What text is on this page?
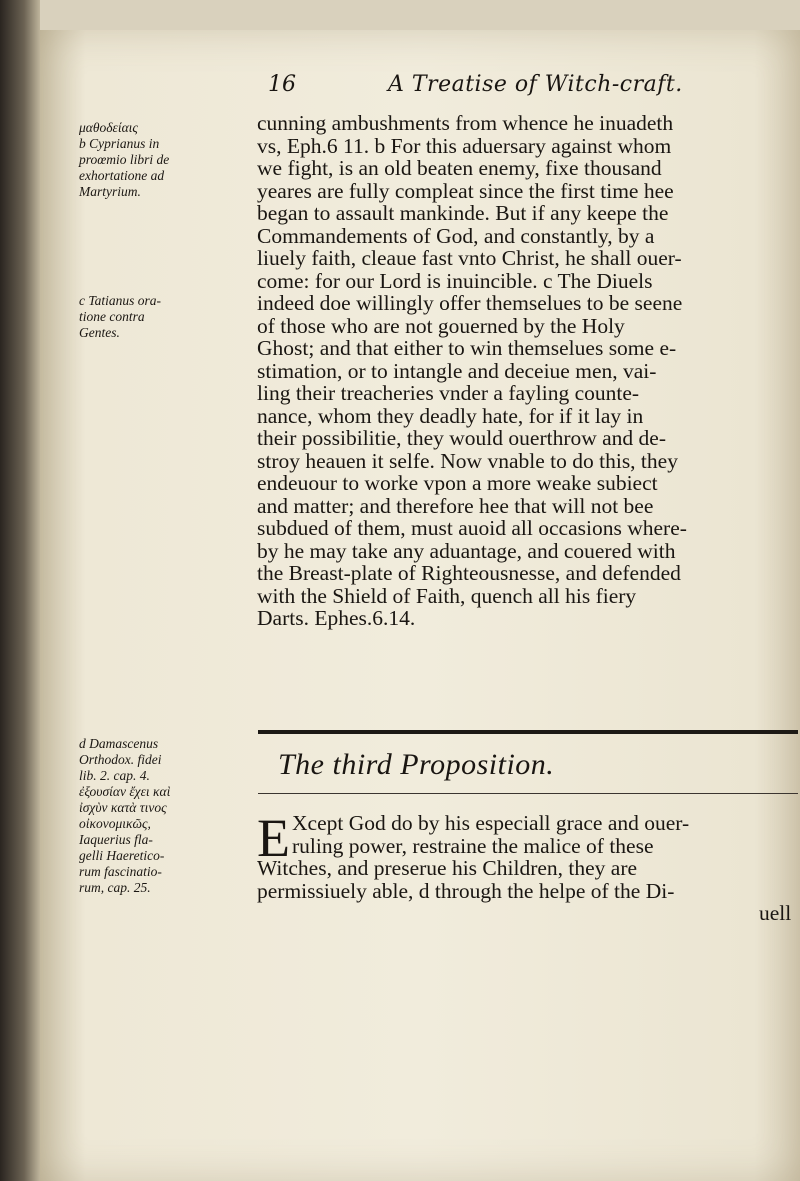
16	A Treatise of Witch-craft.
cunning ambushments from whence he inuadeth
vs, Eph.6 11. b For this aduersary against whom
we fight, is an old beaten enemy, fixe thousand
yeares are fully compleat since the first time hee
began to assault mankinde. But if any keepe the
Commandements of God, and constantly, by a
liuely faith, cleaue fast vnto Christ, he shall ouer-
come: for our Lord is inuincible. c The Diuels
indeed doe willingly offer themselues to be seene
of those who are not gouerned by the Holy
Ghost; and that either to win themselues some e-
stimation, or to intangle and deceiue men, vai-
ling their treacheries vnder a fayling counte-
nance, whom they deadly hate, for if it lay in
their possibilitie, they would ouerthrow and de-
stroy heauen it selfe. Now vnable to do this, they
endeuour to worke vpon a more weake subiect
and matter; and therefore hee that will not bee
subdued of them, must auoid all occasions where-
by he may take any aduantage, and couered with
the Breast-plate of Righteousnesse, and defended
with the Shield of Faith, quench all his fiery
Darts. Ephes.6.14.
μαθοδείαις
b Cyprianus in
proœmio libri de
exhortatione ad
Martyrium.
c Tatianus ora-
tione contra
Gentes.
The third Proposition.
E Xcept God do by his especiall grace and ouer-
ruling power, restraine the malice of these
Witches, and preserue his Children, they are
permissiuely able, d through the helpe of the Di-
uell
d Damascenus
Orthodox. fidei
lib. 2. cap. 4.
ἐξουσίαν ἔχει καὶ
ἰσχὺν κατὰ τινος
οἰκονομικῶς,
Iaquerius fla-
gelli Haeretico-
rum fascinatio-
rum, cap. 25.
